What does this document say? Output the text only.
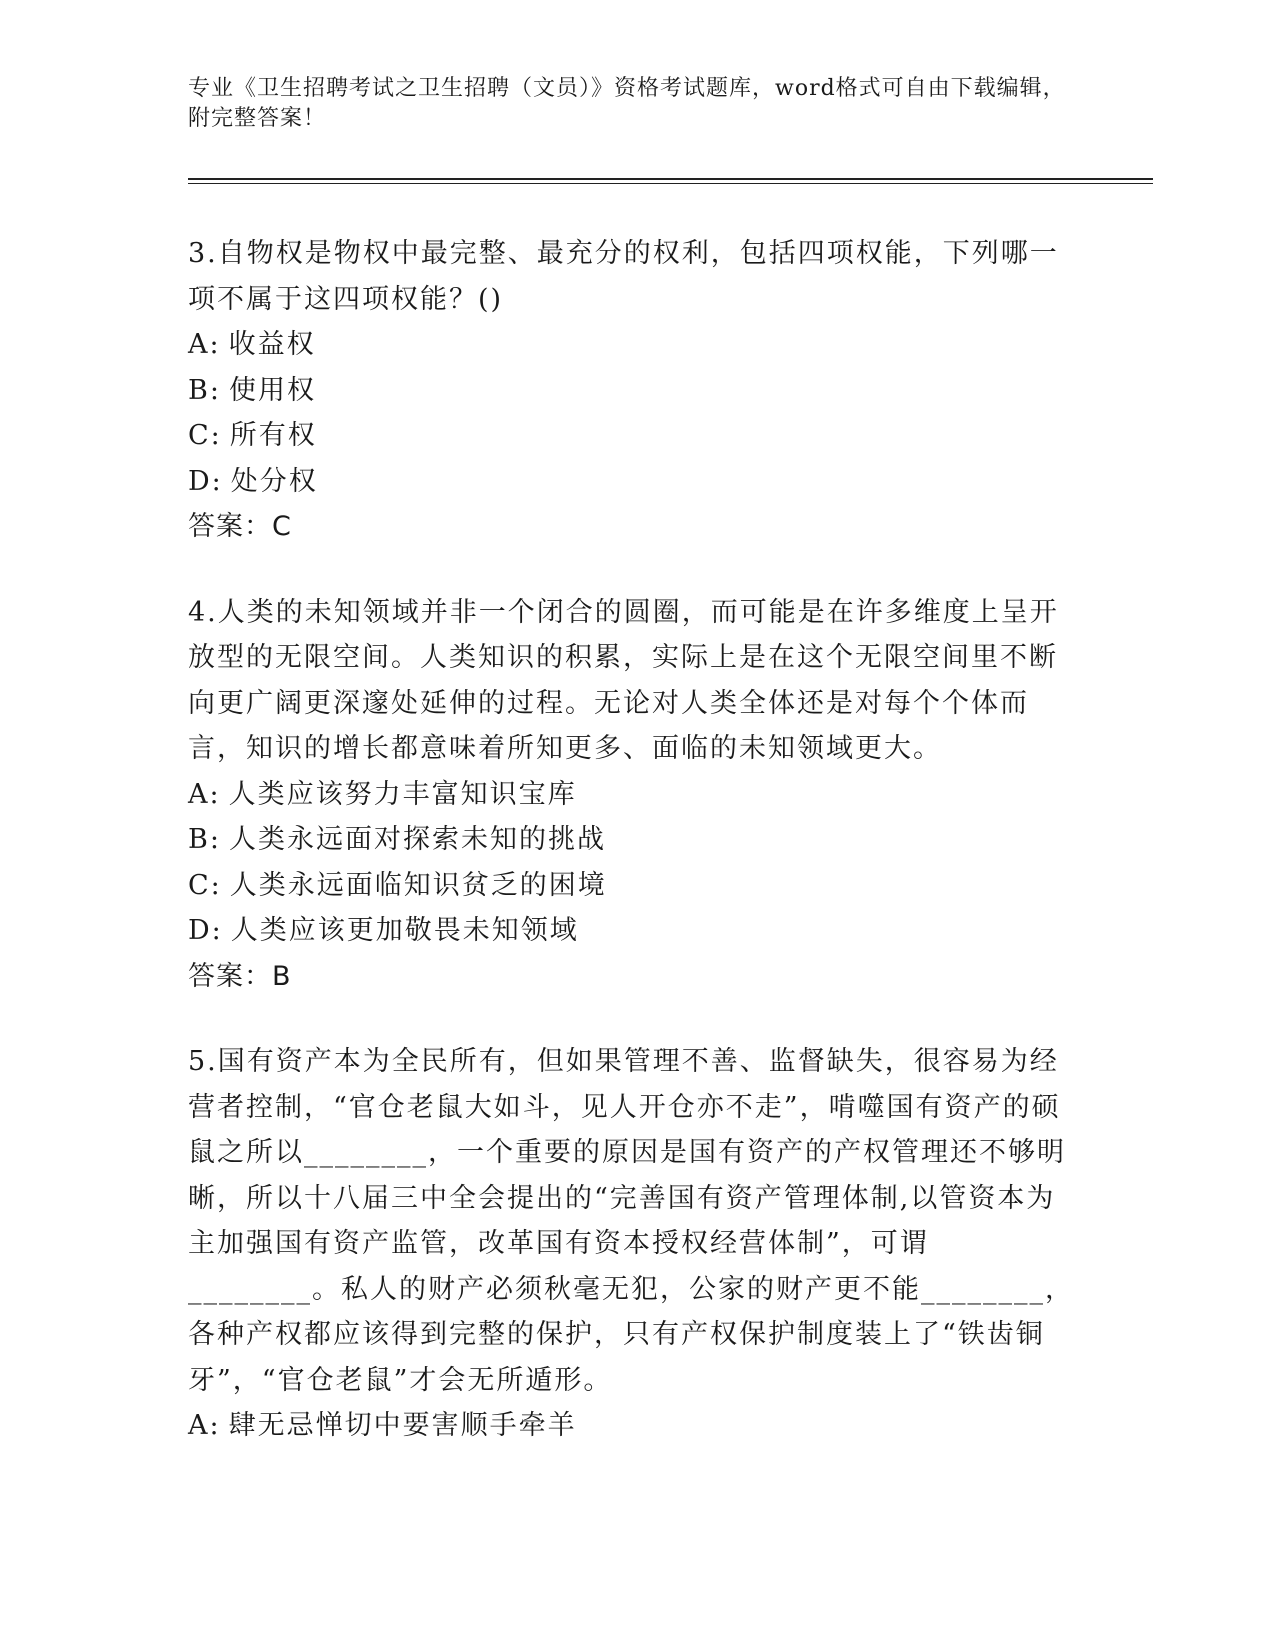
专业《卫生招聘考试之卫生招聘（文员）》资格考试题库，word格式可自由下载编辑，附完整答案！

3.自物权是物权中最完整、最充分的权利，包括四项权能，下列哪一项不属于这四项权能？()

A: 收益权

B: 使用权

C: 所有权

D: 处分权

答案：C

4.人类的未知领域并非一个闭合的圆圈，而可能是在许多维度上呈开放型的无限空间。人类知识的积累，实际上是在这个无限空间里不断向更广阔更深邃处延伸的过程。无论对人类全体还是对每个个体而言，知识的增长都意味着所知更多、面临的未知领域更大。

A: 人类应该努力丰富知识宝库

B: 人类永远面对探索未知的挑战

C: 人类永远面临知识贫乏的困境

D: 人类应该更加敬畏未知领域

答案：B

5.国有资产本为全民所有，但如果管理不善、监督缺失，很容易为经营者控制，“官仓老鼠大如斗，见人开仓亦不走”，啃噬国有资产的硕鼠之所以________，一个重要的原因是国有资产的产权管理还不够明晰，所以十八届三中全会提出的“完善国有资产管理体制,以管资本为主加强国有资产监管，改革国有资本授权经营体制”，可谓________。私人的财产必须秋毫无犯，公家的财产更不能________，各种产权都应该得到完整的保护，只有产权保护制度装上了“铁齿铜牙”，“官仓老鼠”才会无所遁形。

A: 肆无忌惮切中要害顺手牵羊
